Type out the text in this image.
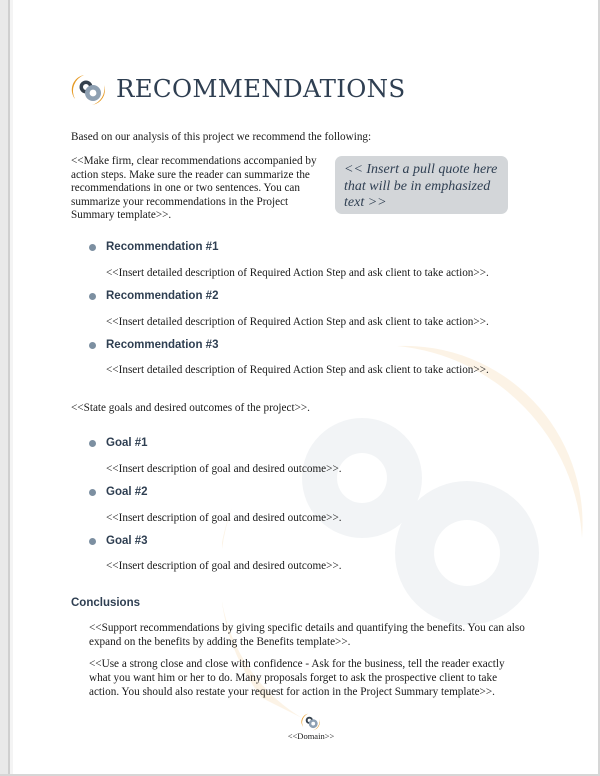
RECOMMENDATIONS

Based on our analysis of this project we recommend the following:

<<Make firm, clear recommendations accompanied by action steps. Make sure the reader can summarize the recommendations in one or two sentences. You can summarize your recommendations in the Project Summary template>>.

<< Insert a pull quote here that will be in emphasized text >>

Recommendation #1

<<Insert detailed description of Required Action Step and ask client to take action>>.

Recommendation #2

<<Insert detailed description of Required Action Step and ask client to take action>>.

Recommendation #3

<<Insert detailed description of Required Action Step and ask client to take action>>.

<<State goals and desired outcomes of the project>>.

Goal #1

<<Insert description of goal and desired outcome>>.

Goal #2

<<Insert description of goal and desired outcome>>.

Goal #3

<<Insert description of goal and desired outcome>>.

Conclusions

<<Support recommendations by giving specific details and quantifying the benefits. You can also expand on the benefits by adding the Benefits template>>.

<<Use a strong close and close with confidence - Ask for the business, tell the reader exactly what you want him or her to do. Many proposals forget to ask the prospective client to take action. You should also restate your request for action in the Project Summary template>>.

<<Domain>>
